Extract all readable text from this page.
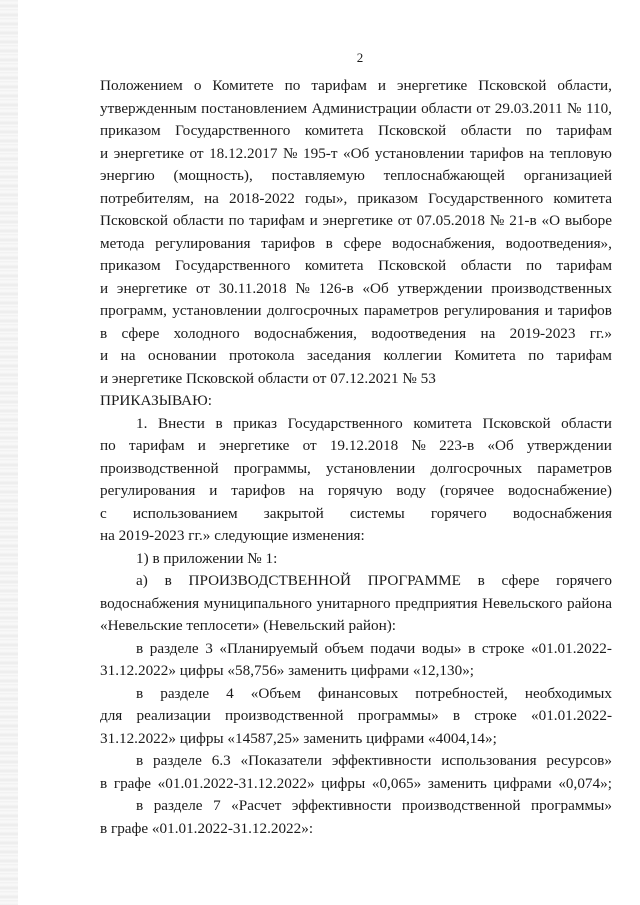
2
Положением о Комитете по тарифам и энергетике Псковской области,
утвержденным постановлением Администрации области от 29.03.2011 № 110,
приказом Государственного комитета Псковской области по тарифам
и энергетике от 18.12.2017 № 195-т «Об установлении тарифов на тепловую
энергию (мощность), поставляемую теплоснабжающей организацией
потребителям, на 2018-2022 годы», приказом Государственного комитета
Псковской области по тарифам и энергетике от 07.05.2018 № 21-в «О выборе
метода регулирования тарифов в сфере водоснабжения, водоотведения»,
приказом Государственного комитета Псковской области по тарифам
и энергетике от 30.11.2018 № 126-в «Об утверждении производственных
программ, установлении долгосрочных параметров регулирования и тарифов
в сфере холодного водоснабжения, водоотведения на 2019-2023 гг.»
и на основании протокола заседания коллегии Комитета по тарифам
и энергетике Псковской области от 07.12.2021 № 53
ПРИКАЗЫВАЮ:
1. Внести в приказ Государственного комитета Псковской области
по тарифам и энергетике от 19.12.2018 № 223-в «Об утверждении
производственной программы, установлении долгосрочных параметров
регулирования и тарифов на горячую воду (горячее водоснабжение)
с использованием закрытой системы горячего водоснабжения
на 2019-2023 гг.» следующие изменения:
1) в приложении № 1:
а) в ПРОИЗВОДСТВЕННОЙ ПРОГРАММЕ в сфере горячего
водоснабжения муниципального унитарного предприятия Невельского района
«Невельские теплосети» (Невельский район):
в разделе 3 «Планируемый объем подачи воды» в строке «01.01.2022-
31.12.2022» цифры «58,756» заменить цифрами «12,130»;
в разделе 4 «Объем финансовых потребностей, необходимых
для реализации производственной программы» в строке «01.01.2022-
31.12.2022» цифры «14587,25» заменить цифрами «4004,14»;
в разделе 6.3 «Показатели эффективности использования ресурсов»
в графе «01.01.2022-31.12.2022» цифры «0,065» заменить цифрами «0,074»;
в разделе 7 «Расчет эффективности производственной программы»
в графе «01.01.2022-31.12.2022»:
